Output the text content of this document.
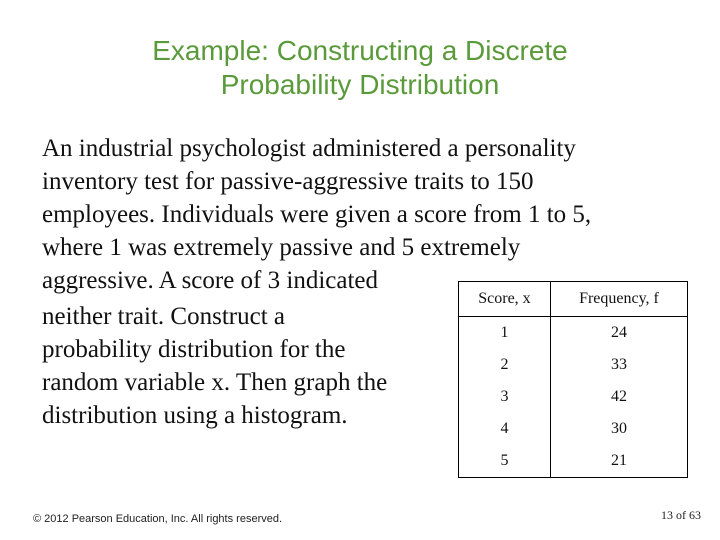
Example: Constructing a Discrete
Probability Distribution
An industrial psychologist administered a personality
inventory test for passive-aggressive traits to 150
employees. Individuals were given a score from 1 to 5,
where 1 was extremely passive and 5 extremely
aggressive. A score of 3 indicated
neither trait. Construct a
probability distribution for the
random variable x. Then graph the
distribution using a histogram.
Score, x	Frequency, f
1	24
2	33
3	42
4	30
5	21
© 2012 Pearson Education, Inc. All rights reserved.	13 of 63
